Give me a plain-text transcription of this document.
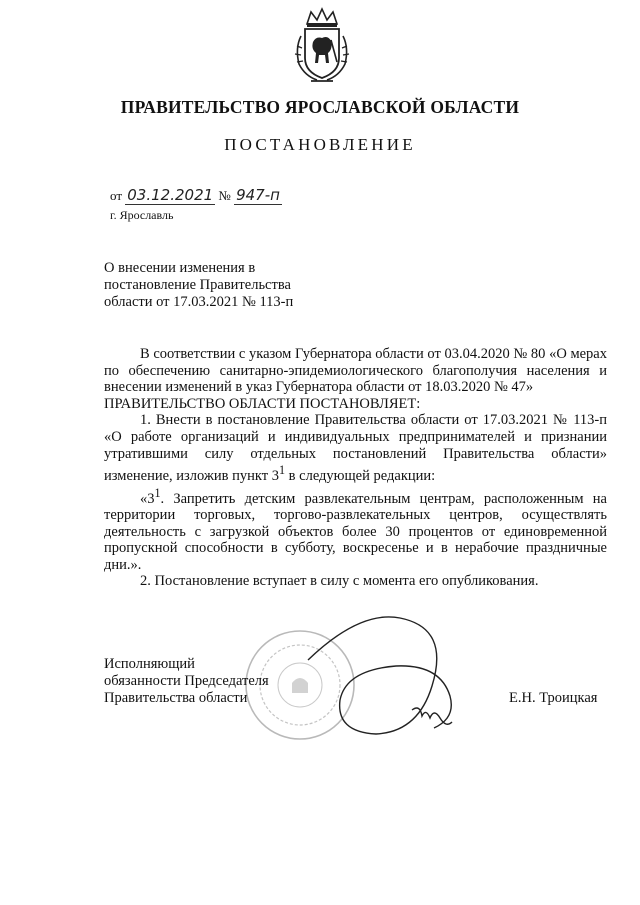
ПРАВИТЕЛЬСТВО ЯРОСЛАВСКОЙ ОБЛАСТИ
ПОСТАНОВЛЕНИЕ
от 03.12.2021 № 947-п
г. Ярославль
О внесении изменения в
постановление Правительства
области от 17.03.2021 № 113-п

В соответствии с указом Губернатора области от 03.04.2020 № 80 «О мерах по обеспечению санитарно-эпидемиологического благополучия населения и внесении изменений в указ Губернатора области от 18.03.2020 № 47»

ПРАВИТЕЛЬСТВО ОБЛАСТИ ПОСТАНОВЛЯЕТ:

1. Внести в постановление Правительства области от 17.03.2021 № 113-п «О работе организаций и индивидуальных предпринимателей и признании утратившими силу отдельных постановлений Правительства области» изменение, изложив пункт $3^1$ в следующей редакции:

«$3^1$. Запретить детским развлекательным центрам, расположенным на территории торговых, торгово-развлекательных центров, осуществлять деятельность с загрузкой объектов более 30 процентов от единовременной пропускной способности в субботу, воскресенье и в нерабочие праздничные дни.».

2. Постановление вступает в силу с момента его опубликования.

Исполняющий
обязанности Председателя
Правительства области	Е.Н. Троицкая
